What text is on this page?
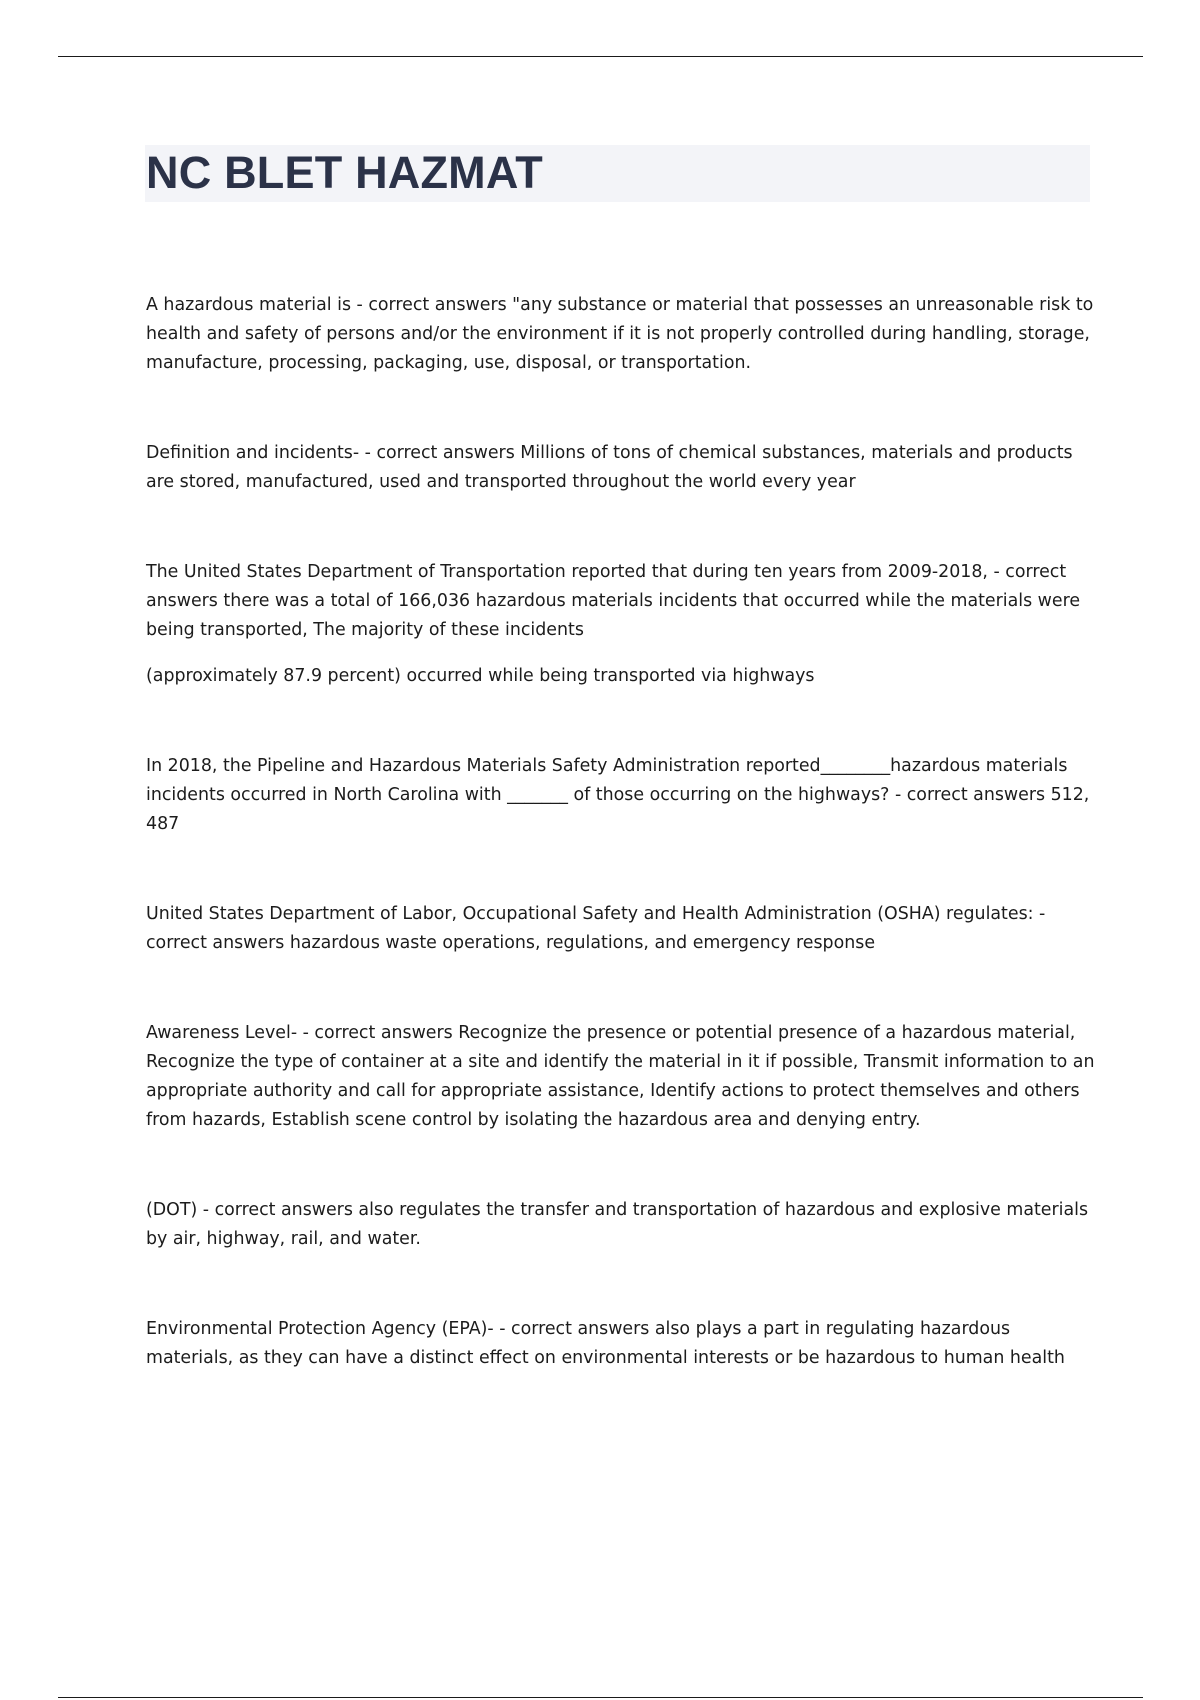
NC BLET HAZMAT

A hazardous material is - correct answers "any substance or material that possesses an unreasonable risk to health and safety of persons and/or the environment if it is not properly controlled during handling, storage, manufacture, processing, packaging, use, disposal, or transportation.

Definition and incidents- - correct answers Millions of tons of chemical substances, materials and products are stored, manufactured, used and transported throughout the world every year

The United States Department of Transportation reported that during ten years from 2009-2018, - correct answers there was a total of 166,036 hazardous materials incidents that occurred while the materials were being transported, The majority of these incidents
(approximately 87.9 percent) occurred while being transported via highways

In 2018, the Pipeline and Hazardous Materials Safety Administration reported________hazardous materials incidents occurred in North Carolina with _______ of those occurring on the highways? - correct answers 512, 487

United States Department of Labor, Occupational Safety and Health Administration (OSHA) regulates: - correct answers hazardous waste operations, regulations, and emergency response

Awareness Level- - correct answers Recognize the presence or potential presence of a hazardous material, Recognize the type of container at a site and identify the material in it if possible, Transmit information to an appropriate authority and call for appropriate assistance, Identify actions to protect themselves and others from hazards, Establish scene control by isolating the hazardous area and denying entry.

(DOT) - correct answers also regulates the transfer and transportation of hazardous and explosive materials by air, highway, rail, and water.

Environmental Protection Agency (EPA)- - correct answers also plays a part in regulating hazardous materials, as they can have a distinct effect on environmental interests or be hazardous to human health
